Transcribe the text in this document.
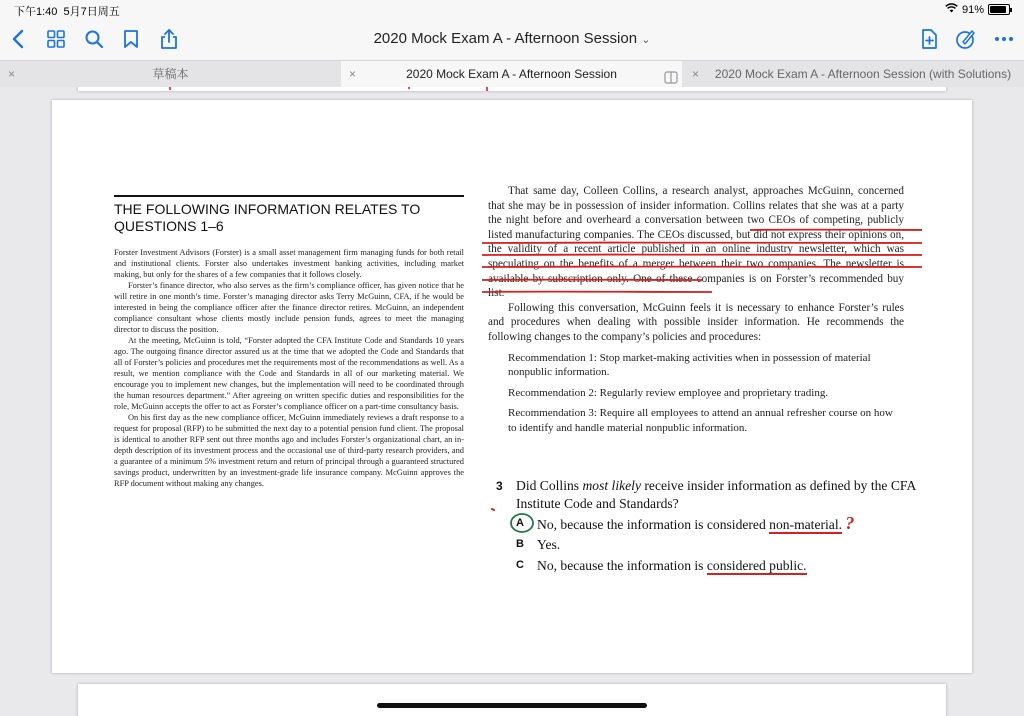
下午1:40 5月7日周五	91%
2020 Mock Exam A - Afternoon Session ⌄
×	草稿本	×	2020 Mock Exam A - Afternoon Session	×	2020 Mock Exam A - Afternoon Session (with Solutions)
THE FOLLOWING INFORMATION RELATES TO QUESTIONS 1–6

Forster Investment Advisors (Forster) is a small asset management firm managing funds for both retail and institutional clients. Forster also undertakes investment banking activities, including market making, but only for the shares of a few companies that it follows closely.

Forster’s finance director, who also serves as the firm’s compliance officer, has given notice that he will retire in one month’s time. Forster’s managing director asks Terry McGuinn, CFA, if he would be interested in being the compliance officer after the finance director retires. McGuinn, an independent compliance consultant whose clients mostly include pension funds, agrees to meet the managing director to discuss the position.

At the meeting, McGuinn is told, “Forster adopted the CFA Institute Code and Standards 10 years ago. The outgoing finance director assured us at the time that we adopted the Code and Standards that all of Forster’s policies and procedures met the requirements most of the recommendations as well. As a result, we mention compliance with the Code and Standards in all of our marketing material. We encourage you to implement new changes, but the implementation will need to be coordinated through the human resources department.” After agreeing on written specific duties and responsibilities for the role, McGuinn accepts the offer to act as Forster’s compliance officer on a part-time consultancy basis.

On his first day as the new compliance officer, McGuinn immediately reviews a draft response to a request for proposal (RFP) to be submitted the next day to a potential pension fund client. The proposal is identical to another RFP sent out three months ago and includes Forster’s organizational chart, an in-depth description of its investment process and the occasional use of third-party research providers, and a guarantee of a minimum 5% investment return and return of principal through a guaranteed structured savings product, underwritten by an investment-grade life insurance company. McGuinn approves the RFP document without making any changes.

That same day, Colleen Collins, a research analyst, approaches McGuinn, concerned that she may be in possession of insider information. Collins relates that she was at a party the night before and overheard a conversation between two CEOs of competing, publicly listed manufacturing companies. The CEOs discussed, but did not express their opinions on, the validity of a recent article published in an online industry newsletter, which was speculating on the benefits of a merger between their two companies. The newsletter is available by subscription only. One of these companies is on Forster’s recommended buy list.

Following this conversation, McGuinn feels it is necessary to enhance Forster’s rules and procedures when dealing with possible insider information. He recommends the following changes to the company’s policies and procedures:

Recommendation 1: Stop market-making activities when in possession of material nonpublic information.
Recommendation 2: Regularly review employee and proprietary trading.
Recommendation 3: Require all employees to attend an annual refresher course on how to identify and handle material nonpublic information.
3 Did Collins most likely receive insider information as defined by the CFA Institute Code and Standards?
A No, because the information is considered non-material. ?
B Yes.
C No, because the information is considered public.
